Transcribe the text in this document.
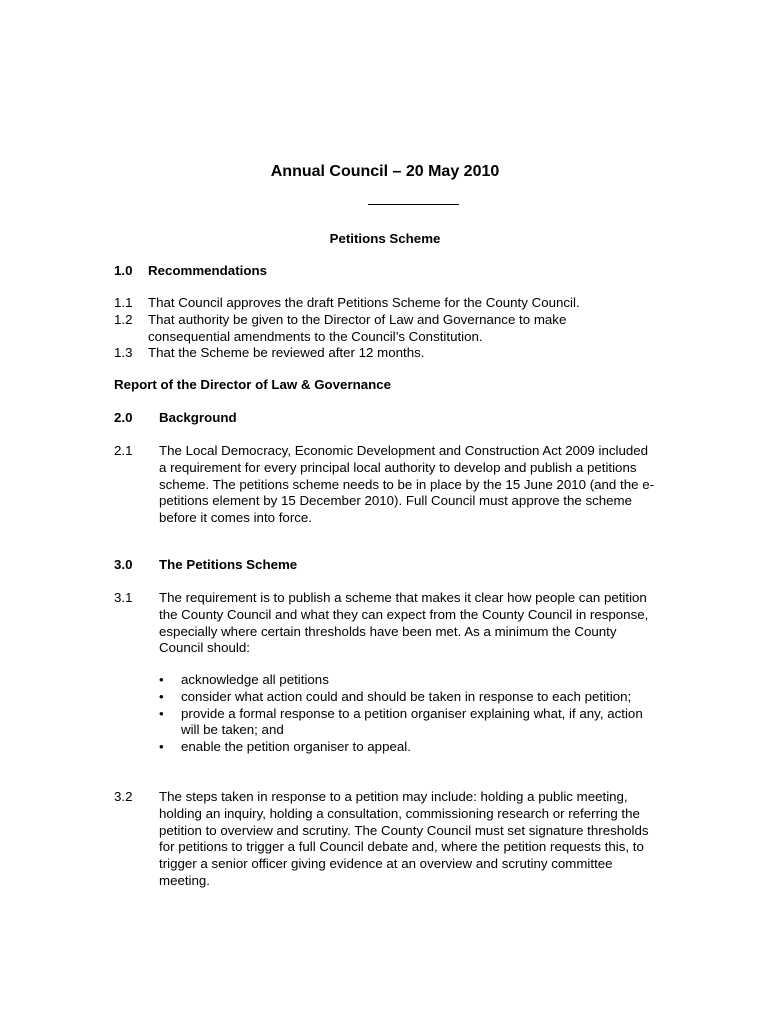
Annual Council – 20 May 2010
Petitions Scheme
1.0 Recommendations
1.1 That Council approves the draft Petitions Scheme for the County Council.
1.2 That authority be given to the Director of Law and Governance to make consequential amendments to the Council’s Constitution.
1.3 That the Scheme be reviewed after 12 months.
Report of the Director of Law & Governance
2.0 Background
2.1 The Local Democracy, Economic Development and Construction Act 2009 included a requirement for every principal local authority to develop and publish a petitions scheme. The petitions scheme needs to be in place by the 15 June 2010 (and the e-petitions element by 15 December 2010). Full Council must approve the scheme before it comes into force.
3.0 The Petitions Scheme
3.1 The requirement is to publish a scheme that makes it clear how people can petition the County Council and what they can expect from the County Council in response, especially where certain thresholds have been met. As a minimum the County Council should:
• acknowledge all petitions
• consider what action could and should be taken in response to each petition;
• provide a formal response to a petition organiser explaining what, if any, action will be taken; and
• enable the petition organiser to appeal.
3.2 The steps taken in response to a petition may include: holding a public meeting, holding an inquiry, holding a consultation, commissioning research or referring the petition to overview and scrutiny. The County Council must set signature thresholds for petitions to trigger a full Council debate and, where the petition requests this, to trigger a senior officer giving evidence at an overview and scrutiny committee meeting.
